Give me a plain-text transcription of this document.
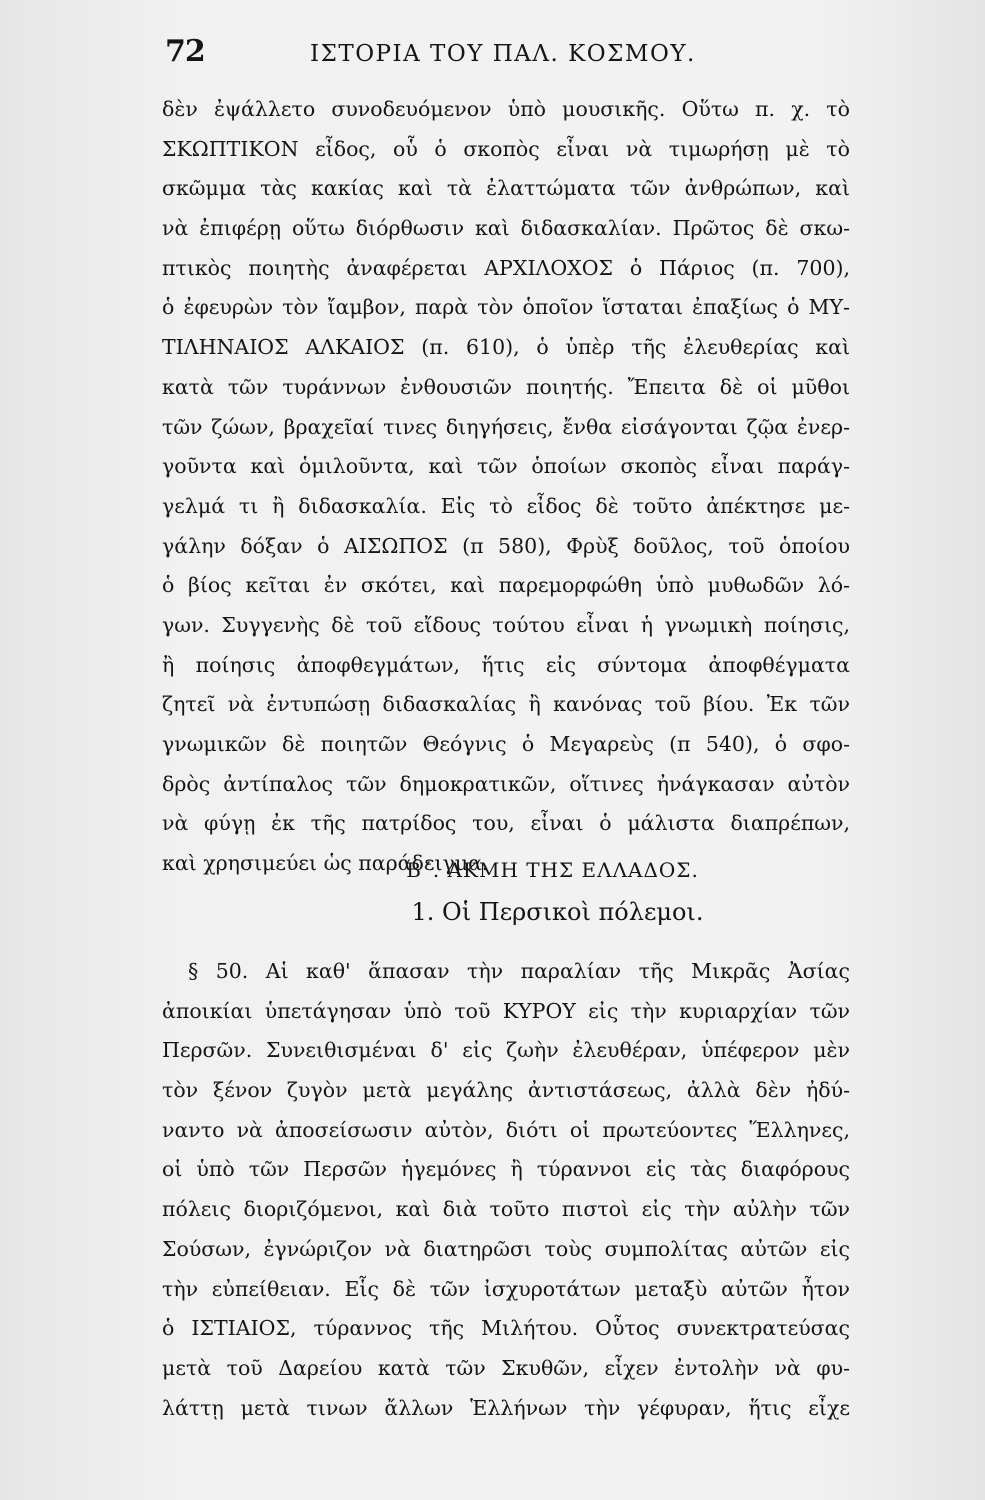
72	ΙΣΤΟΡΙΑ ΤΟΥ ΠΑΛ. ΚΟΣΜΟΥ.
δὲν ἐψάλλετο συνοδευόμενον ὑπὸ μουσικῆς. Οὕτω π. χ. τὸ
ΣΚΩΠΤΙΚΟΝ εἶδος, οὗ ὁ σκοπὸς εἶναι νὰ τιμωρήσῃ μὲ τὸ
σκῶμμα τὰς κακίας καὶ τὰ ἐλαττώματα τῶν ἀνθρώπων, καὶ
νὰ ἐπιφέρῃ οὕτω διόρθωσιν καὶ διδασκαλίαν. Πρῶτος δὲ σκω-
πτικὸς ποιητὴς ἀναφέρεται ΑΡΧΙΛΟΧΟΣ ὁ Πάριος (π. 700),
ὁ ἐφευρὼν τὸν ἴαμβον, παρὰ τὸν ὁποῖον ἵσταται ἐπαξίως ὁ ΜΥ-
ΤΙΛΗΝΑΙΟΣ ΑΛΚΑΙΟΣ (π. 610), ὁ ὑπὲρ τῆς ἐλευθερίας καὶ
κατὰ τῶν τυράννων ἐνθουσιῶν ποιητής. Ἔπειτα δὲ οἱ μῦθοι
τῶν ζώων, βραχεῖαί τινες διηγήσεις, ἔνθα εἰσάγονται ζῷα ἐνερ-
γοῦντα καὶ ὁμιλοῦντα, καὶ τῶν ὁποίων σκοπὸς εἶναι παράγ-
γελμά τι ἢ διδασκαλία. Εἰς τὸ εἶδος δὲ τοῦτο ἀπέκτησε με-
γάλην δόξαν ὁ ΑΙΣΩΠΟΣ (π 580), Φρὺξ δοῦλος, τοῦ ὁποίου
ὁ βίος κεῖται ἐν σκότει, καὶ παρεμορφώθη ὑπὸ μυθωδῶν λό-
γων. Συγγενὴς δὲ τοῦ εἴδους τούτου εἶναι ἡ γνωμικὴ ποίησις,
ἢ ποίησις ἀποφθεγμάτων, ἥτις εἰς σύντομα ἀποφθέγματα
ζητεῖ νὰ ἐντυπώσῃ διδασκαλίας ἢ κανόνας τοῦ βίου. Ἐκ τῶν
γνωμικῶν δὲ ποιητῶν Θεόγνις ὁ Μεγαρεὺς (π 540), ὁ σφο-
δρὸς ἀντίπαλος τῶν δημοκρατικῶν, οἵτινες ἠνάγκασαν αὐτὸν
νὰ φύγῃ ἐκ τῆς πατρίδος του, εἶναι ὁ μάλιστα διαπρέπων,
καὶ χρησιμεύει ὡς παράδειγμα.
Β΄. ΑΚΜΗ ΤΗΣ ΕΛΛΑΔΟΣ.
1. Οἱ Περσικοὶ πόλεμοι.
§ 50. Αἱ καθ' ἅπασαν τὴν παραλίαν τῆς Μικρᾶς Ἀσίας
ἀποικίαι ὑπετάγησαν ὑπὸ τοῦ ΚΥΡΟΥ εἰς τὴν κυριαρχίαν τῶν
Περσῶν. Συνειθισμέναι δ' εἰς ζωὴν ἐλευθέραν, ὑπέφερον μὲν
τὸν ξένον ζυγὸν μετὰ μεγάλης ἀντιστάσεως, ἀλλὰ δὲν ἠδύ-
ναντο νὰ ἀποσείσωσιν αὐτὸν, διότι οἱ πρωτεύοντες Ἕλληνες,
οἱ ὑπὸ τῶν Περσῶν ἡγεμόνες ἢ τύραννοι εἰς τὰς διαφόρους
πόλεις διοριζόμενοι, καὶ διὰ τοῦτο πιστοὶ εἰς τὴν αὐλὴν τῶν
Σούσων, ἐγνώριζον νὰ διατηρῶσι τοὺς συμπολίτας αὐτῶν εἰς
τὴν εὐπείθειαν. Εἷς δὲ τῶν ἰσχυροτάτων μεταξὺ αὐτῶν ἦτον
ὁ ΙΣΤΙΑΙΟΣ, τύραννος τῆς Μιλήτου. Οὗτος συνεκτρατεύσας
μετὰ τοῦ Δαρείου κατὰ τῶν Σκυθῶν, εἶχεν ἐντολὴν νὰ φυ-
λάττῃ μετὰ τινων ἄλλων Ἑλλήνων τὴν γέφυραν, ἥτις εἶχε
